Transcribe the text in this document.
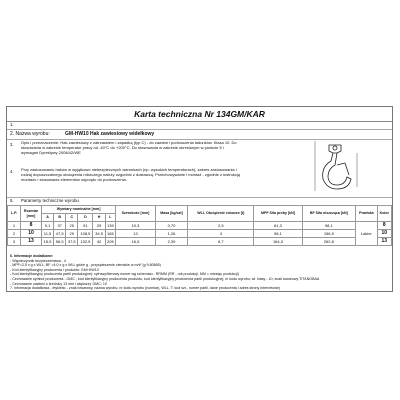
Karta techniczna Nr 134GM/KAR
1.
2. Nazwa wyrobu:	GM-HW10 Hak zawiesiowy widełkowy
3. Opis i przeznaczenie: Hak zawiesiowy z zatrzaskiem i zapadką (typ C) - do zawiesi i podnoszenia ładunków. Klasa 10. Do stosowania w zakresie temperatur pracy od -40°C do +200°C. Do stosowania w zakresie określonym w punkcie 5 i wymagań Dyrektywy 2006/42/WE
4. Przy zastosowaniu haków w wyjątkowo niebezpiecznych warunkach (np. wysokich temperaturach), zakres zastosowania i rodzaj dopuszczalnego obciążenia roboczego należy uzgodnić z dostawcą. Przechowywanie i montaż - zgodnie z instrukcją montażu i stosowania elementów osprzętu do podnoszenia.
5. Parametry techniczne wyrobu
L.P.	Rozmiar [mm]	Wymiary nominalne [mm]						Szerokość [mm]	Masa [kg/szt]	WLL Obciążenie robocze [t]	MPF Siła próby [kN]	BF Siła niszcząca [kN]	Powłoka	Kolor
		A	B	C	D	H	L							
1	8	9,1	37	25	91	29	139	10,3	0,70	2,5	61,3	98,1	Lakier	8
2	10	11,5	47,5	29	108,5	34,5	165	13	1,26	4	98,1	156,9		10
3	13	15,5	56,5	37,5	132,5	42	205	16,5	2,39	6,7	164,3	262,8		13
6. Informacje dodatkowe:
- Współczynnik bezpieczeństwa - 4
- MPF=2,5 x g x WLL, BF =4,0 x g x WLL gdzie g - przyspieszenie ziemskie w m/s² (g 9,80665)
- Kod identyfikacyjny producenta / produktu: GM+HW10
- Kod identyfikacyjny producenta partii produkcyjnej: cyfrowy/literowy numer wg schematu - RRMM (RR - rok produkcji, MM = miesiąc produkcji)
- Cechowanie symbol producenta - GMC ; kod identyfikacyjny producenta produktu; kod identyfikacyjny producenta partii produkcyjnej; nr kodu wyrobu; wl. klasy - 10; znak towarowy TITANOBAA
- Cechowanie zawiesi o średnicy 13 mm i większej: GMC; 10
7. Informacja dodatkowa - etykieta: - znak towarowy, nazwa wyrobu, nr kodu wyrobu (rozmiar), WLL, T: kod szt., numer partii, dane producenta i adres strony internetowej
